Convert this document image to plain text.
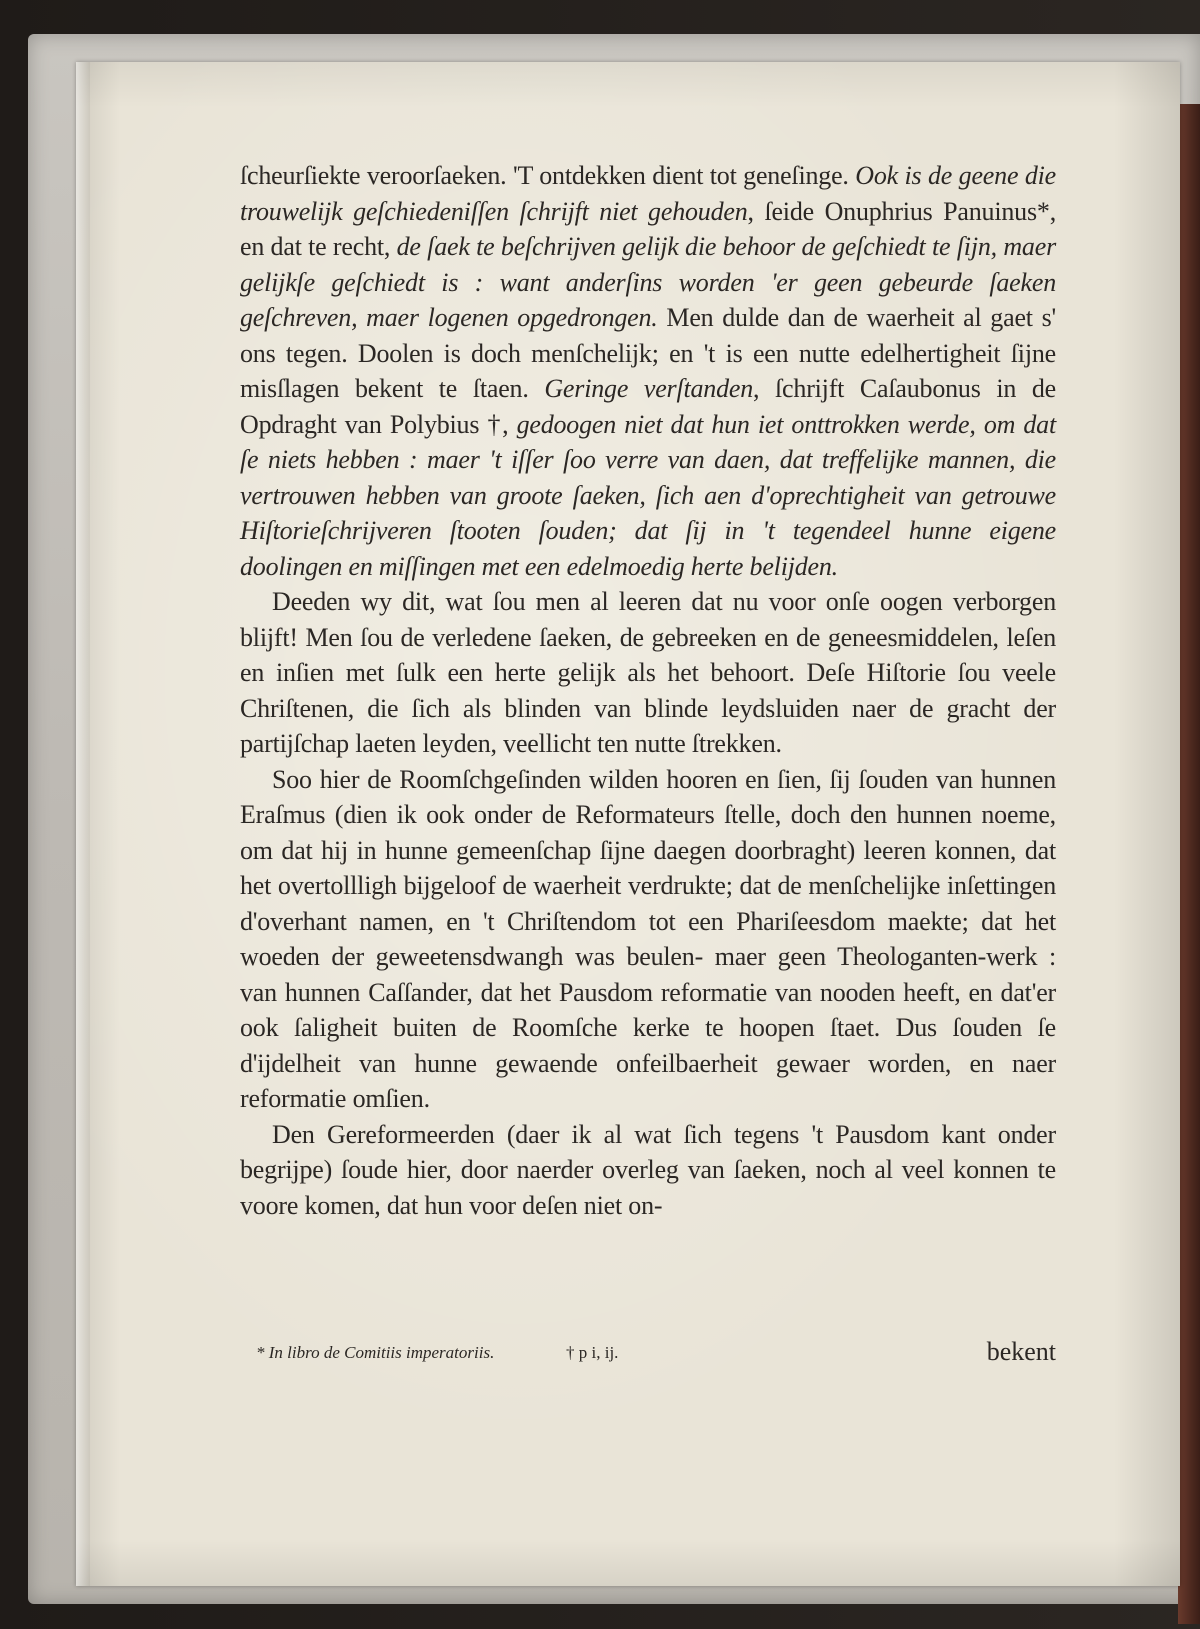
ſcheurſiekte veroorſaeken. 'T ontdekken dient tot geneſinge. Ook is de geene die trouwelijk geſchiedeniſſen ſchrijft niet gehouden, ſeide Onuphrius Panuinus*, en dat te recht, de ſaek te beſchrijven gelijk die behoor de geſchiedt te ſijn, maer gelijkſe geſchiedt is : want anderſins worden 'er geen gebeurde ſaeken geſchreven, maer logenen opgedrongen. Men dulde dan de waerheit al gaet s' ons tegen. Doolen is doch menſchelijk; en 't is een nutte edelhertigheit ſijne misſlagen bekent te ſtaen. Geringe verſtanden, ſchrijft Caſaubonus in de Opdraght van Polybius †, gedoogen niet dat hun iet onttrokken werde, om dat ſe niets hebben : maer 't iſſer ſoo verre van daen, dat treffelijke mannen, die vertrouwen hebben van groote ſaeken, ſich aen d'oprechtigheit van getrouwe Hiſtorieſchrijveren ſtooten ſouden; dat ſij in 't tegendeel hunne eigene doolingen en miſſingen met een edelmoedig herte belijden.

Deeden wy dit, wat ſou men al leeren dat nu voor onſe oogen verborgen blijft! Men ſou de verledene ſaeken, de gebreeken en de geneesmiddelen, leſen en inſien met ſulk een herte gelijk als het behoort. Deſe Hiſtorie ſou veele Chriſtenen, die ſich als blinden van blinde leydsluiden naer de gracht der partijſchap laeten leyden, veellicht ten nutte ſtrekken.

Soo hier de Roomſchgeſinden wilden hooren en ſien, ſij ſouden van hunnen Eraſmus (dien ik ook onder de Reformateurs ſtelle, doch den hunnen noeme, om dat hij in hunne gemeenſchap ſijne daegen doorbraght) leeren konnen, dat het overtollligh bijgeloof de waerheit verdrukte; dat de menſchelijke inſettingen d'overhant namen, en 't Chriſtendom tot een Phariſeesdom maekte; dat het woeden der geweetensdwangh was beulen- maer geen Theologanten-werk : van hunnen Caſſander, dat het Pausdom reformatie van nooden heeft, en dat'er ook ſaligheit buiten de Roomſche kerke te hoopen ſtaet. Dus ſouden ſe d'ijdelheit van hunne gewaende onfeilbaerheit gewaer worden, en naer reformatie omſien.

Den Gereformeerden (daer ik al wat ſich tegens 't Pausdom kant onder begrijpe) ſoude hier, door naerder overleg van ſaeken, noch al veel konnen te voore komen, dat hun voor deſen niet on-

* In libro de Comitiis imperatoriis.	† p i, ij.	bekent
